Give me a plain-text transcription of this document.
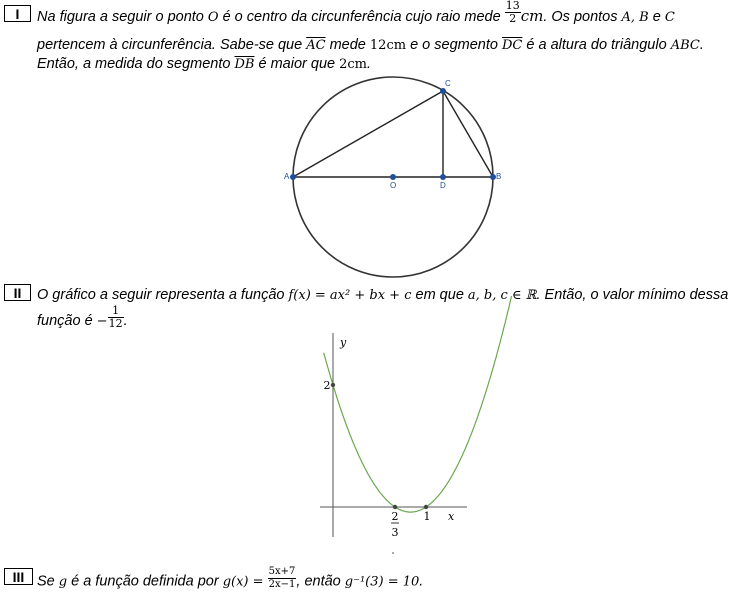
I	Na figura a seguir o ponto O é o centro da circunferência cujo raio mede $\frac{13}{2}$ cm. Os pontos A, B e C
pertencem à circunferência. Sabe-se que $\overline{AC}$ mede 12cm e o segmento $\overline{DC}$ é a altura do triângulo ABC.
Então, a medida do segmento $\overline{DB}$ é maior que 2cm.
A	B
C
D
O
II	O gráfico a seguir representa a função f(x) = ax² + bx + c em que a, b, c ∈ ℝ. Então, o valor mínimo dessa
função é − $\frac{1}{12}$ .
y
x
2
3
1
2
III Se g é a função definida por $g(x) = \frac{5x+7}{2x-1}$ , então g⁻¹(3) = 10.
